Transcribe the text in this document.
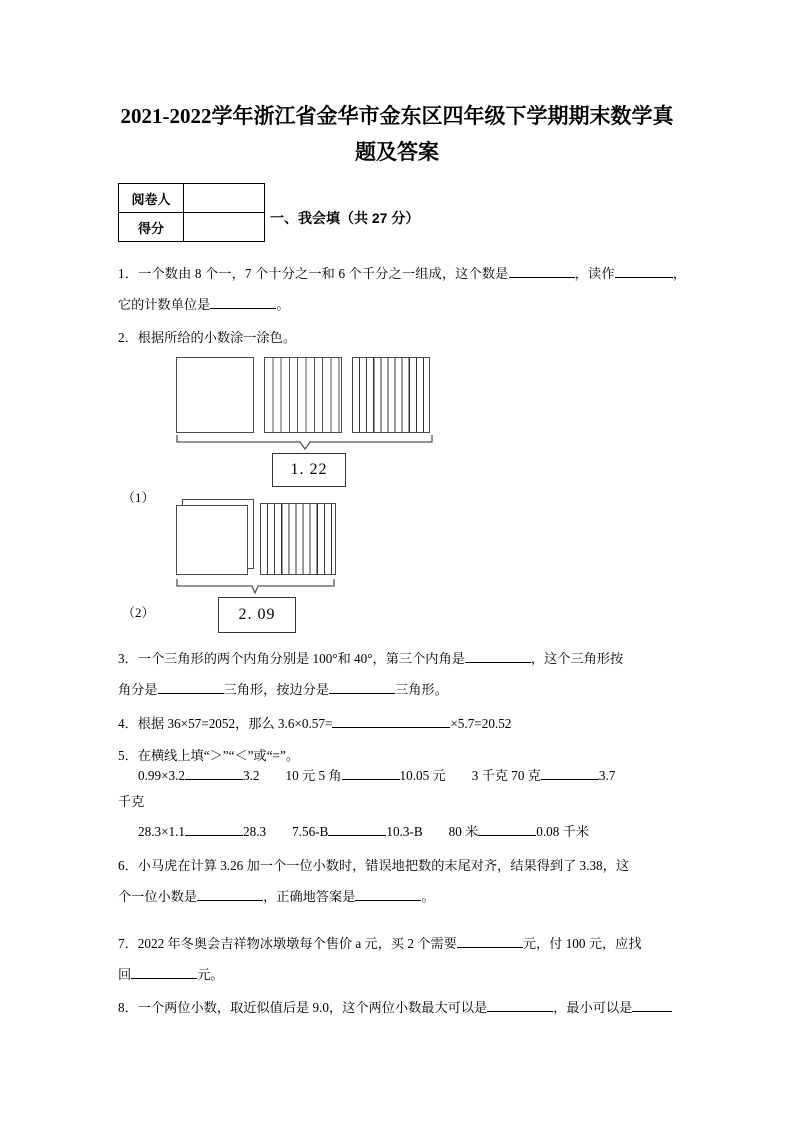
2021-2022学年浙江省金华市金东区四年级下学期期末数学真题及答案
阅卷人	
得分	
一、我会填（共 27 分）
1．一个数由 8 个一，7 个十分之一和 6 个千分之一组成，这个数是	，读作	，它的计数单位是	。
2．根据所给的小数涂一涂色。
1. 22
（1）
2. 09
（2）
3．一个三角形的两个内角分别是 100°和 40°，第三个内角是	，这个三角形按
角分是	三角形，按边分是	三角形。
4．根据 36×57=2052，那么 3.6×0.57=	×5.7=20.52
5．在横线上填“＞”“＜”或“=”。
0.99×3.2	3.2 10 元 5 角	10.05 元 3 千克 70 克	3.7
千克
28.3×1.1	28.3 7.56-B	10.3-B 80 米	0.08 千米
6．小马虎在计算 3.26 加一个一位小数时，错误地把数的末尾对齐，结果得到了 3.38，这
个一位小数是	，正确地答案是	。
7．2022 年冬奥会吉祥物冰墩墩每个售价 a 元，买 2 个需要	元，付 100 元，应找
回	元。
8．一个两位小数，取近似值后是 9.0，这个两位小数最大可以是	，最小可以是
